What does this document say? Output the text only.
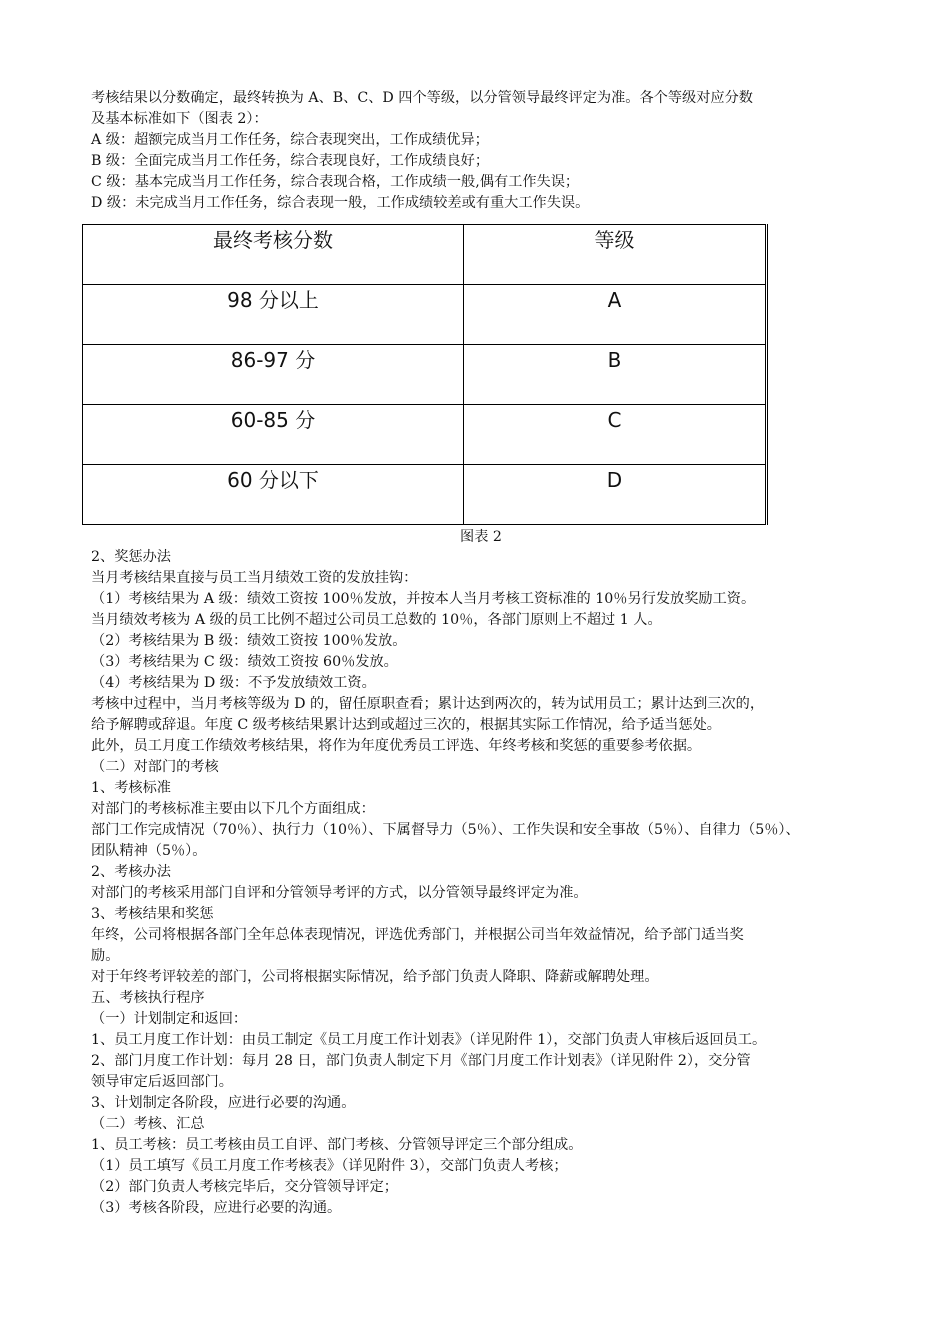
考核结果以分数确定，最终转换为 A、B、C、D 四个等级，以分管领导最终评定为准。各个等级对应分数

及基本标准如下（图表 2）：

A 级：超额完成当月工作任务，综合表现突出，工作成绩优异；

B 级：全面完成当月工作任务，综合表现良好，工作成绩良好；

C 级：基本完成当月工作任务，综合表现合格，工作成绩一般,偶有工作失误；

D 级：未完成当月工作任务，综合表现一般，工作成绩较差或有重大工作失误。

最终考核分数	等级
98 分以上	A
86-97 分	B
60-85 分	C
60 分以下	D

图表 2

2、奖惩办法

当月考核结果直接与员工当月绩效工资的发放挂钩：

（1）考核结果为 A 级：绩效工资按 100％发放，并按本人当月考核工资标准的 10％另行发放奖励工资。

当月绩效考核为 A 级的员工比例不超过公司员工总数的 10％，各部门原则上不超过 1 人。

（2）考核结果为 B 级：绩效工资按 100％发放。

（3）考核结果为 C 级：绩效工资按 60％发放。

（4）考核结果为 D 级：不予发放绩效工资。

考核中过程中，当月考核等级为 D 的，留任原职查看；累计达到两次的，转为试用员工；累计达到三次的，

给予解聘或辞退。年度 C 级考核结果累计达到或超过三次的，根据其实际工作情况，给予适当惩处。

此外，员工月度工作绩效考核结果，将作为年度优秀员工评选、年终考核和奖惩的重要参考依据。

（二）对部门的考核

1、考核标准

对部门的考核标准主要由以下几个方面组成：

部门工作完成情况（70％）、执行力（10％）、下属督导力（5％）、工作失误和安全事故（5％）、自律力（5％）、

团队精神（5％）。

2、考核办法

对部门的考核采用部门自评和分管领导考评的方式，以分管领导最终评定为准。

3、考核结果和奖惩

年终，公司将根据各部门全年总体表现情况，评选优秀部门，并根据公司当年效益情况，给予部门适当奖

励。

对于年终考评较差的部门，公司将根据实际情况，给予部门负责人降职、降薪或解聘处理。

五、考核执行程序

（一）计划制定和返回：

1、员工月度工作计划：由员工制定《员工月度工作计划表》（详见附件 1），交部门负责人审核后返回员工。

2、部门月度工作计划：每月 28 日，部门负责人制定下月《部门月度工作计划表》（详见附件 2），交分管

领导审定后返回部门。

3、计划制定各阶段，应进行必要的沟通。

（二）考核、汇总

1、员工考核：员工考核由员工自评、部门考核、分管领导评定三个部分组成。

（1）员工填写《员工月度工作考核表》（详见附件 3），交部门负责人考核；

（2）部门负责人考核完毕后，交分管领导评定；

（3）考核各阶段，应进行必要的沟通。
